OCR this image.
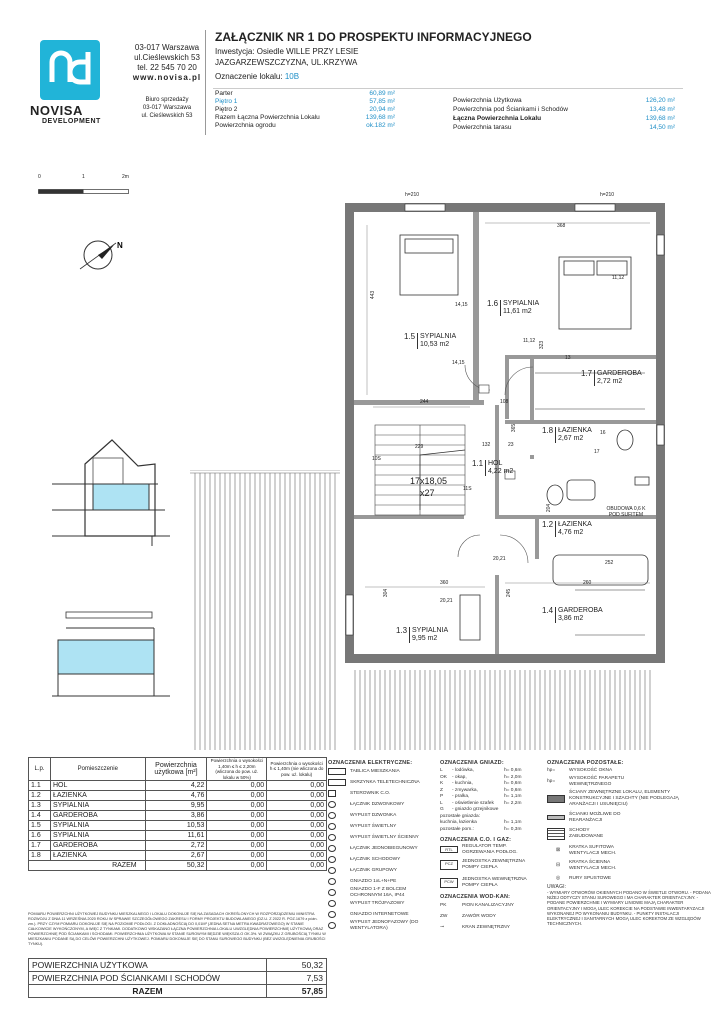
NOVISA
DEVELOPMENT
03-017 Warszawa
ul.Cieślewskich 53
tel. 22 545 70 20
www.novisa.pl
Biuro sprzedaży
03-017 Warszawa
ul. Cieślewskich 53
ZAŁĄCZNIK NR 1 DO PROSPEKTU INFORMACYJNEGO
Inwestycja: Osiedle WILLE PRZY LESIE
JAZGARZEWSZCZYZNA, UL.KRZYWA
Oznaczenie lokalu: 10B
Parter	60,89 m²
Piętro 1	57,85 m²
Piętro 2	20,94 m²
Razem Łączna Powierzchnia Lokalu	139,68 m²
Powierzchnia ogrodu	ok.182 m²
Powierzchnia Użytkowa	126,20 m²
Powierzchnia pod Ściankami i Schodów	13,48 m²
Łączna Powierzchnia Lokalu	139,68 m²
Powierzchnia tarasu	14,50 m²
0	1	2m
N
368
443
244	108
229	132	23
360	260
304	245
252
204
323
365
11,12
11,12
14,15
14,15
20,21
20,21
10S
11S
17x18,05
x27
13
16
17
h=210	h=210
OBUDOWA 0,6 K POD SUFITEM
1.6 SYPIALNIA
11,61 m2
1.5 SYPIALNIA
10,53 m2
1.7 GARDEROBA
2,72 m2
1.8 ŁAZIENKA
2,67 m2
1.1 HOL
4,22 m2
1.2 ŁAZIENKA
4,76 m2
1.4 GARDEROBA
3,86 m2
1.3 SYPIALNIA
9,95 m2
L.p.	Pomieszczenie	Powierzchnia użytkowa [m²]	Powierzchnia o wysokości 1,40m ≤ h ≤ 2,20m (wliczona do pow. uż. lokalu w 50%)	Powierzchnia o wysokości h ≤ 1,40m (nie wliczona do pow. uż. lokalu)
1.1	HOL	4,22	0,00	0,00
1.2	ŁAZIENKA	4,76	0,00	0,00
1.3	SYPIALNIA	9,95	0,00	0,00
1.4	GARDEROBA	3,86	0,00	0,00
1.5	SYPIALNIA	10,53	0,00	0,00
1.6	SYPIALNIA	11,61	0,00	0,00
1.7	GARDEROBA	2,72	0,00	0,00
1.8	ŁAZIENKA	2,67	0,00	0,00
RAZEM		50,32	0,00	0,00
POMIARU POWIERZCHNI UŻYTKOWEJ BUDYNKU MIESZKALNEGO I LOKALU DOKONUJE SIĘ NA ZASADACH OKREŚLONYCH W ROZPORZĄDZENIU MINISTRA ROZWOJU Z DNIA 11 WRZEŚNIA 2020 ROKU W SPRAWIE SZCZEGÓŁOWEGO ZAKRESU I FORMY PROJEKTU BUDOWLANEGO (DZ.U. Z 2022 R. POZ.1679 z późn. zm.). PRZY CZYM POMIARU DOKONUJE SIĘ NA POZIOMIE PODŁOGI. Z DOKŁADNOŚCIĄ DO 0,01M² (JEDNA SETNA METRA KWADRATOWEGO) W STANIE CAŁKOWICIE WYKOŃCZONYM, A WIĘC Z TYNKAMI. DODATKOWO WSKAZANO ŁĄCZNA POWIERZCHNIA LOKALU UWZGLĘDNIA POWIERZCHNIĘ UŻYTKOWĄ ORAZ POWIERZCHNIĘ POD ŚCIANKAMI I SCHODAMI. POWIERZCHNIA UŻYTKOWA W STANIE SUROWYM BĘDZIE WIĘKSZA O OK.3%. W ZWIĄZKU Z GRUBOŚCIĄ TYNKU W MIESZKANIU PODANE SĄ DO CELÓW POWIERZCHNI UŻYTKOWEJ. POMIARU DOKONUJE SIĘ DO STANU SUROWEGO BUDYNKU (BEZ UWZGLĘDNIENIA GRUBOŚCI TYNKU).
POWIERZCHNIA UŻYTKOWA	50,32
POWIERZCHNIA POD ŚCIANKAMI I SCHODÓW	7,53
RAZEM	57,85
OZNACZENIA ELEKTRYCZNE:
TABLICA MIESZKANIA
SKRZYNKA TELETECHNICZNA
STEROWNIK C.O.
ŁĄCZNIK DZWONKOWY
WYPUST DZWONKA
WYPUST ŚWIETLNY
WYPUST ŚWIETLNY ŚCIENNY
ŁĄCZNIK JEDNOBIEGUNOWY
ŁĄCZNIK SCHODOWY
ŁĄCZNIK GRUPOWY
GNIAZDO 1xL+N+PE
GNIAZDO 1-F Z BOLCEM OCHRONNYM 16A, IP44
WYPUST TRÓJFAZOWY
GNIAZDO INTERNETOWE
WYPUST JEDNOFAZOWY (DO WENTYLATORA)
OZNACZENIA GNIAZD:
L	- lodówka,	h= 0,6m
OK	- okap,	h= 2,0m
K	- kuchnia,	h= 0,6m
Z	- zmywarka,	h= 0,6m
P	- pralka,	h= 1,1m
L	- oświetlenie szafek	h= 2,2m
G	- gniazdo grzejnikowe
pozostałe gniazda:
kuchnia, łazienka	h= 1,1m
pozostałe pom.:	h= 0,3m
OZNACZENIA C.O. I GAZ:
RTL
REGULATOR TEMP. OGRZEWANIA PODŁOG.
PCZ	JEDNOSTKA ZEWNĘTRZNA POMPY CIEPŁA
PCW	JEDNOSTKA WEWNĘTRZNA POMPY CIEPŁA
OZNACZENIA WOD-KAN:
PK	PION KANALIZACYJNY
ZW	ZAWÓR WODY
⊸	KRAN ZEWNĘTRZNY
OZNACZENIA POZOSTAŁE:
hp=	WYSOKOŚĆ OKNA
hp=
WYSOKOŚĆ PARAPETU WEWNĘTRZNEGO
ŚCIANY ZEWNĘTRZNE LOKALU, ELEMENTY KONSTRUKCYJNE I SZACHTY (NIE PODLEGAJĄ ARANŻACJI I USUNIĘCIU)
ŚCIANKI MOŻLIWE DO REARANŻACJI
SCHODY ZABUDOWANE
⊠
KRATKA SUFITOWA WENTYLACJI MECH.
⊟
KRATKA ŚCIENNA WENTYLACJI MECH.
◎	RURY SPUSTOWE
UWAGI:
- WYMIARY OTWORÓW OKIENNYCH PODANO W ŚWIETLE OTWORU. - PODANA NIŻEJ ODTYCZY STANU SUROWEGO I MA CHARAKTER ORIENTACYJNY. - PODANE POWIERZCHNIE I WYMIARY LINIOWE MAJĄ CHARAKTER ORIENTACYJNY I MOGĄ ULEC KOREKCIE NA PODSTAWIE INWENTARYZACJI WYKONANEJ PO WYKONANIU BUDYNKU. - PUNKTY INSTALACJI ELEKTRYCZNEJ I SANITARNYCH MOGĄ ULEC KOREKTOM ZE WZGLĘDÓW TECHNICZNYCH.
